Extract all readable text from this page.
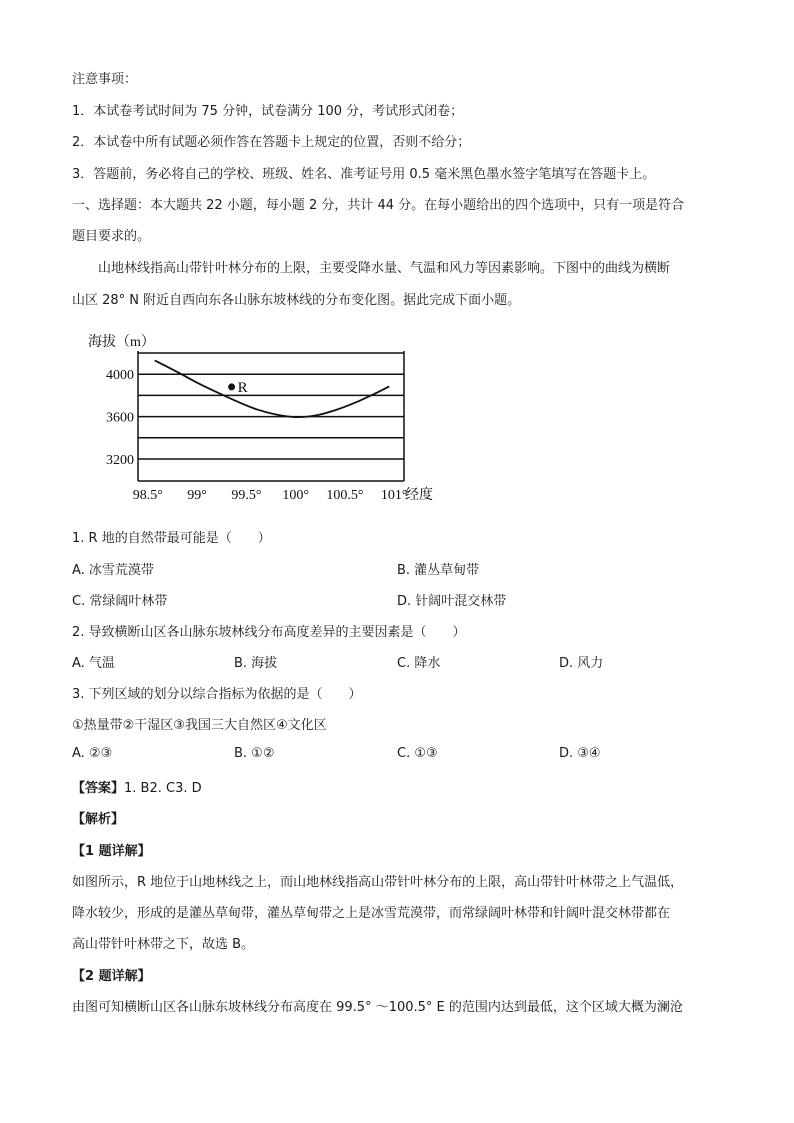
注意事项：
1．本试卷考试时间为 75 分钟，试卷满分 100 分，考试形式闭卷；
2．本试卷中所有试题必须作答在答题卡上规定的位置，否则不给分；
3．答题前，务必将自己的学校、班级、姓名、准考证号用 0.5 毫米黑色墨水签字笔填写在答题卡上。
一、选择题：本大题共 22 小题，每小题 2 分，共计 44 分。在每小题给出的四个选项中，只有一项是符合
题目要求的。
山地林线指高山带针叶林分布的上限，主要受降水量、气温和风力等因素影响。下图中的曲线为横断
山区 28° N 附近自西向东各山脉东坡林线的分布变化图。据此完成下面小题。
海拔（m）
4000
3600
3200
98.5° 99° 99.5° 100° 100.5° 101°
经度
R
1. R 地的自然带最可能是（　　）
A. 冰雪荒漠带	B. 灌丛草甸带
C. 常绿阔叶林带	D. 针阔叶混交林带
2. 导致横断山区各山脉东坡林线分布高度差异的主要因素是（　　）
A. 气温	B. 海拔	C. 降水	D. 风力
3. 下列区域的划分以综合指标为依据的是（　　）
①热量带②干湿区③我国三大自然区④文化区
A. ②③	B. ①②	C. ①③	D. ③④
【答案】1. B2. C3. D
【解析】
【1 题详解】
如图所示，R 地位于山地林线之上，而山地林线指高山带针叶林分布的上限，高山带针叶林带之上气温低，
降水较少，形成的是灌丛草甸带，灌丛草甸带之上是冰雪荒漠带，而常绿阔叶林带和针阔叶混交林带都在
高山带针叶林带之下，故选 B。
【2 题详解】
由图可知横断山区各山脉东坡林线分布高度在 99.5° ～100.5° E 的范围内达到最低，这个区域大概为澜沧
